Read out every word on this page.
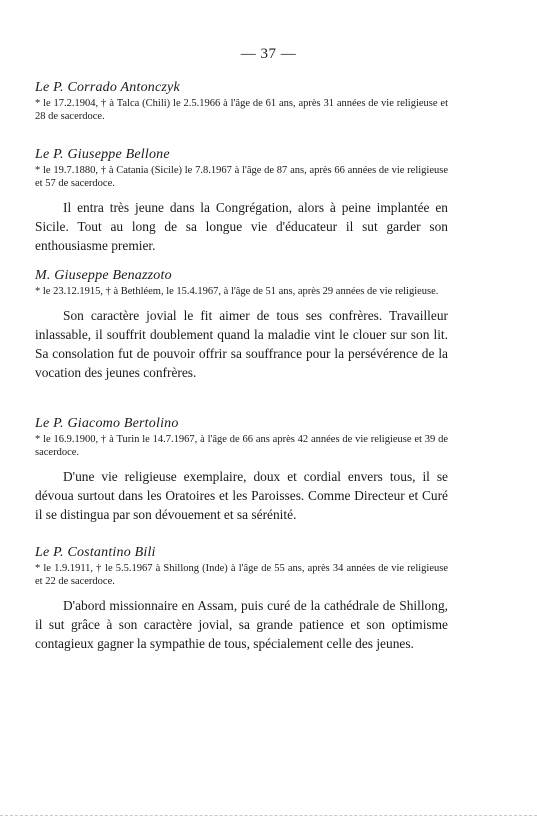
— 37 —

Le P. Corrado Antonczyk

* le 17.2.1904, † à Talca (Chili) le 2.5.1966 à l'âge de 61 ans, après 31 années de vie religieuse et 28 de sacerdoce.

Le P. Giuseppe Bellone

* le 19.7.1880, † à Catania (Sicile) le 7.8.1967 à l'âge de 87 ans, après 66 années de vie religieuse et 57 de sacerdoce.

Il entra très jeune dans la Congrégation, alors à peine implantée en Sicile. Tout au long de sa longue vie d'éducateur il sut garder son enthousiasme premier.

M. Giuseppe Benazzoto

* le 23.12.1915, † à Bethléem, le 15.4.1967, à l'âge de 51 ans, après 29 années de vie religieuse.

Son caractère jovial le fit aimer de tous ses confrères. Travailleur inlassable, il souffrit doublement quand la maladie vint le clouer sur son lit. Sa consolation fut de pouvoir offrir sa souffrance pour la persévérence de la vocation des jeunes confrères.

Le P. Giacomo Bertolino

* le 16.9.1900, † à Turin le 14.7.1967, à l'âge de 66 ans après 42 années de vie religieuse et 39 de sacerdoce.

D'une vie religieuse exemplaire, doux et cordial envers tous, il se dévoua surtout dans les Oratoires et les Paroisses. Comme Directeur et Curé il se distingua par son dévouement et sa sérénité.

Le P. Costantino Bili

* le 1.9.1911, † le 5.5.1967 à Shillong (Inde) à l'âge de 55 ans, après 34 années de vie religieuse et 22 de sacerdoce.

D'abord missionnaire en Assam, puis curé de la cathédrale de Shillong, il sut grâce à son caractère jovial, sa grande patience et son optimisme contagieux gagner la sympathie de tous, spécialement celle des jeunes.
